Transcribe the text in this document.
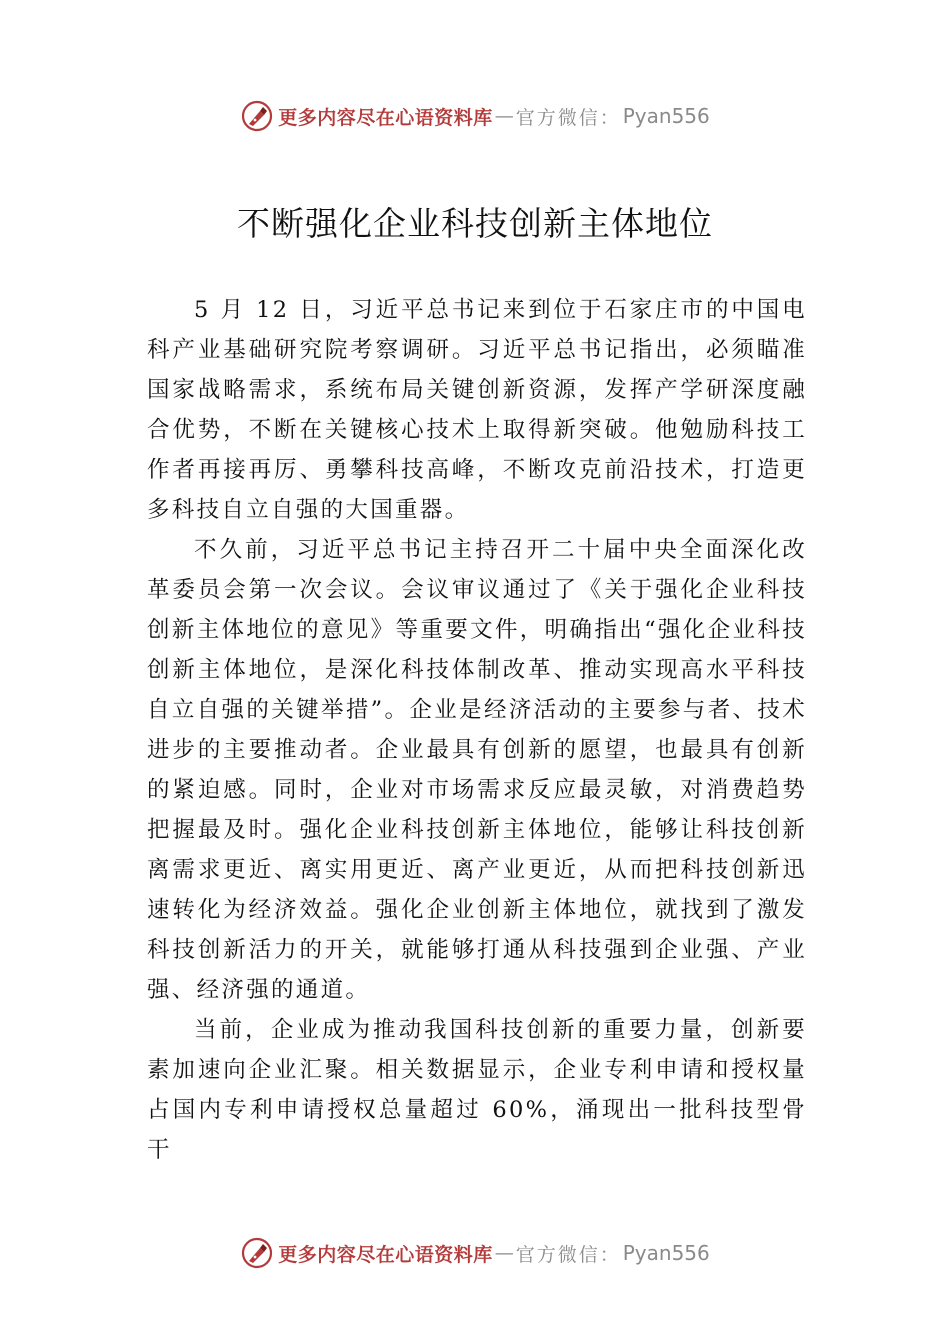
更多内容尽在心语资料库 — 官方微信： Pyan556
不断强化企业科技创新主体地位

5 月 12 日，习近平总书记来到位于石家庄市的中国电科产业基础研究院考察调研。习近平总书记指出，必须瞄准国家战略需求，系统布局关键创新资源，发挥产学研深度融合优势，不断在关键核心技术上取得新突破。他勉励科技工作者再接再厉、勇攀科技高峰，不断攻克前沿技术，打造更多科技自立自强的大国重器。

不久前，习近平总书记主持召开二十届中央全面深化改革委员会第一次会议。会议审议通过了《关于强化企业科技创新主体地位的意见》等重要文件，明确指出“强化企业科技创新主体地位，是深化科技体制改革、推动实现高水平科技自立自强的关键举措”。企业是经济活动的主要参与者、技术进步的主要推动者。企业最具有创新的愿望，也最具有创新的紧迫感。同时，企业对市场需求反应最灵敏，对消费趋势把握最及时。强化企业科技创新主体地位，能够让科技创新离需求更近、离实用更近、离产业更近，从而把科技创新迅速转化为经济效益。强化企业创新主体地位，就找到了激发科技创新活力的开关，就能够打通从科技强到企业强、产业强、经济强的通道。

当前，企业成为推动我国科技创新的重要力量，创新要素加速向企业汇聚。相关数据显示，企业专利申请和授权量占国内专利申请授权总量超过 60%，涌现出一批科技型骨干

更多内容尽在心语资料库 — 官方微信： Pyan556
